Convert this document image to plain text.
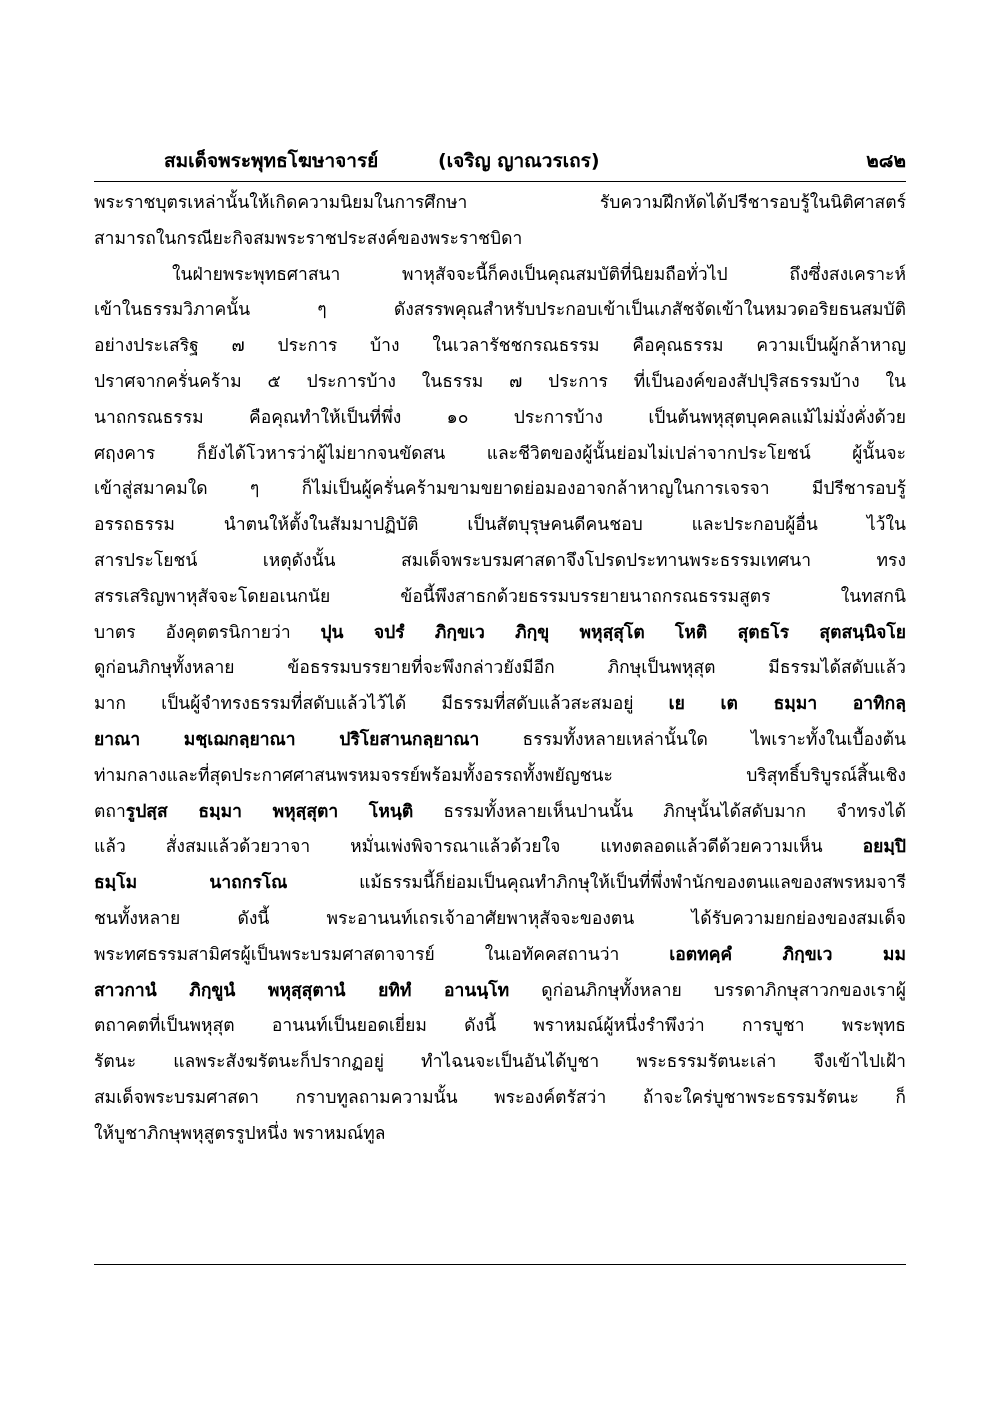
สมเด็จพระพุทธโฆษาจารย์	(เจริญ ญาณวรเถร)	๒๘๒
พระราชบุตรเหล่านั้นให้เกิดความนิยมในการศึกษา รับความฝึกหัดได้ปรีชารอบรู้ในนิติศาสตร์
สามารถในกรณียะกิจสมพระราชประสงค์ของพระราชบิดา
ในฝ่ายพระพุทธศาสนา พาหุสัจจะนี้ก็คงเป็นคุณสมบัติที่นิยมถือทั่วไป ถึงซึ่งสงเคราะห์
เข้าในธรรมวิภาคนั้น ๆ ดังสรรพคุณสำหรับประกอบเข้าเป็นเภสัชจัดเข้าในหมวดอริยธนสมบัติ
อย่างประเสริฐ ๗ ประการ บ้าง ในเวลารัชชกรณธรรม คือคุณธรรม ความเป็นผู้กล้าหาญ
ปราศจากครั่นคร้าม ๕ ประการบ้าง ในธรรม ๗ ประการ ที่เป็นองค์ของสัปปุริสธรรมบ้าง ใน
นาถกรณธรรม คือคุณทำให้เป็นที่พึ่ง ๑๐ ประการบ้าง เป็นต้นพหุสุตบุคคลแม้ไม่มั่งคั่งด้วย
ศฤงคาร ก็ยังได้โวหารว่าผู้ไม่ยากจนขัดสน และชีวิตของผู้นั้นย่อมไม่เปล่าจากประโยชน์ ผู้นั้นจะ
เข้าสู่สมาคมใด ๆ ก็ไม่เป็นผู้ครั่นคร้ามขามขยาดย่อมองอาจกล้าหาญในการเจรจา มีปรีชารอบรู้
อรรถธรรม นำตนให้ตั้งในสัมมาปฏิบัติ เป็นสัตบุรุษคนดีคนชอบ และประกอบผู้อื่น ไว้ใน
สารประโยชน์ เหตุดังนั้น สมเด็จพระบรมศาสดาจึงโปรดประทานพระธรรมเทศนา ทรง
สรรเสริญพาหุสัจจะโดยอเนกนัย ข้อนี้พึงสาธกด้วยธรรมบรรยายนาถกรณธรรมสูตร ในทสกนิ
บาตร อังคุตตรนิกายว่า ปุน จปรํ ภิกฺขเว ภิกฺขุ พหุสฺสุโต โหติ สุตธโร สุตสนฺนิจโย
ดูก่อนภิกษุทั้งหลาย ข้อธรรมบรรยายที่จะพึงกล่าวยังมีอีก ภิกษุเป็นพหุสุต มีธรรมได้สดับแล้ว
มาก เป็นผู้จำทรงธรรมที่สดับแล้วไว้ได้ มีธรรมที่สดับแล้วสะสมอยู่ เย เต ธมฺมา อาทิกลฺ
ยาณา มชฺเฌกลฺยาณา ปริโยสานกลฺยาณา ธรรมทั้งหลายเหล่านั้นใด ไพเราะทั้งในเบื้องต้น
ท่ามกลางและที่สุดประกาศศาสนพรหมจรรย์พร้อมทั้งอรรถทั้งพยัญชนะ บริสุทธิ์บริบูรณ์สิ้นเชิง
ตถารูปสฺส ธมฺมา พหุสฺสุตา โหนฺติ ธรรมทั้งหลายเห็นปานนั้น ภิกษุนั้นได้สดับมาก จำทรงได้
แล้ว สั่งสมแล้วด้วยวาจา หมั่นเพ่งพิจารณาแล้วด้วยใจ แทงตลอดแล้วดีด้วยความเห็น อยมฺปิ
ธมฺโม นาถกรโณ แม้ธรรมนี้ก็ย่อมเป็นคุณทำภิกษุให้เป็นที่พึ่งพำนักของตนแลของสพรหมจารี
ชนทั้งหลาย ดังนี้ พระอานนท์เถรเจ้าอาศัยพาหุสัจจะของตน ได้รับความยกย่องของสมเด็จ
พระทศธรรมสามิศรผู้เป็นพระบรมศาสดาจารย์ ในเอทัคคสถานว่า เอตทคฺคํ ภิกฺขเว มม
สาวกานํ ภิกฺขูนํ พหุสฺสุตานํ ยทิทํ อานนฺโท ดูก่อนภิกษุทั้งหลาย บรรดาภิกษุสาวกของเราผู้
ตถาคตที่เป็นพหุสุต อานนท์เป็นยอดเยี่ยม ดังนี้ พราหมณ์ผู้หนึ่งรำพึงว่า การบูชา พระพุทธ
รัตนะ แลพระสังฆรัตนะก็ปรากฏอยู่ ทำไฉนจะเป็นอันได้บูชา พระธรรมรัตนะเล่า จึงเข้าไปเฝ้า
สมเด็จพระบรมศาสดา กราบทูลถามความนั้น พระองค์ตรัสว่า ถ้าจะใคร่บูชาพระธรรมรัตนะ ก็
ให้บูชาภิกษุพหุสูตรรูปหนึ่ง พราหมณ์ทูล
